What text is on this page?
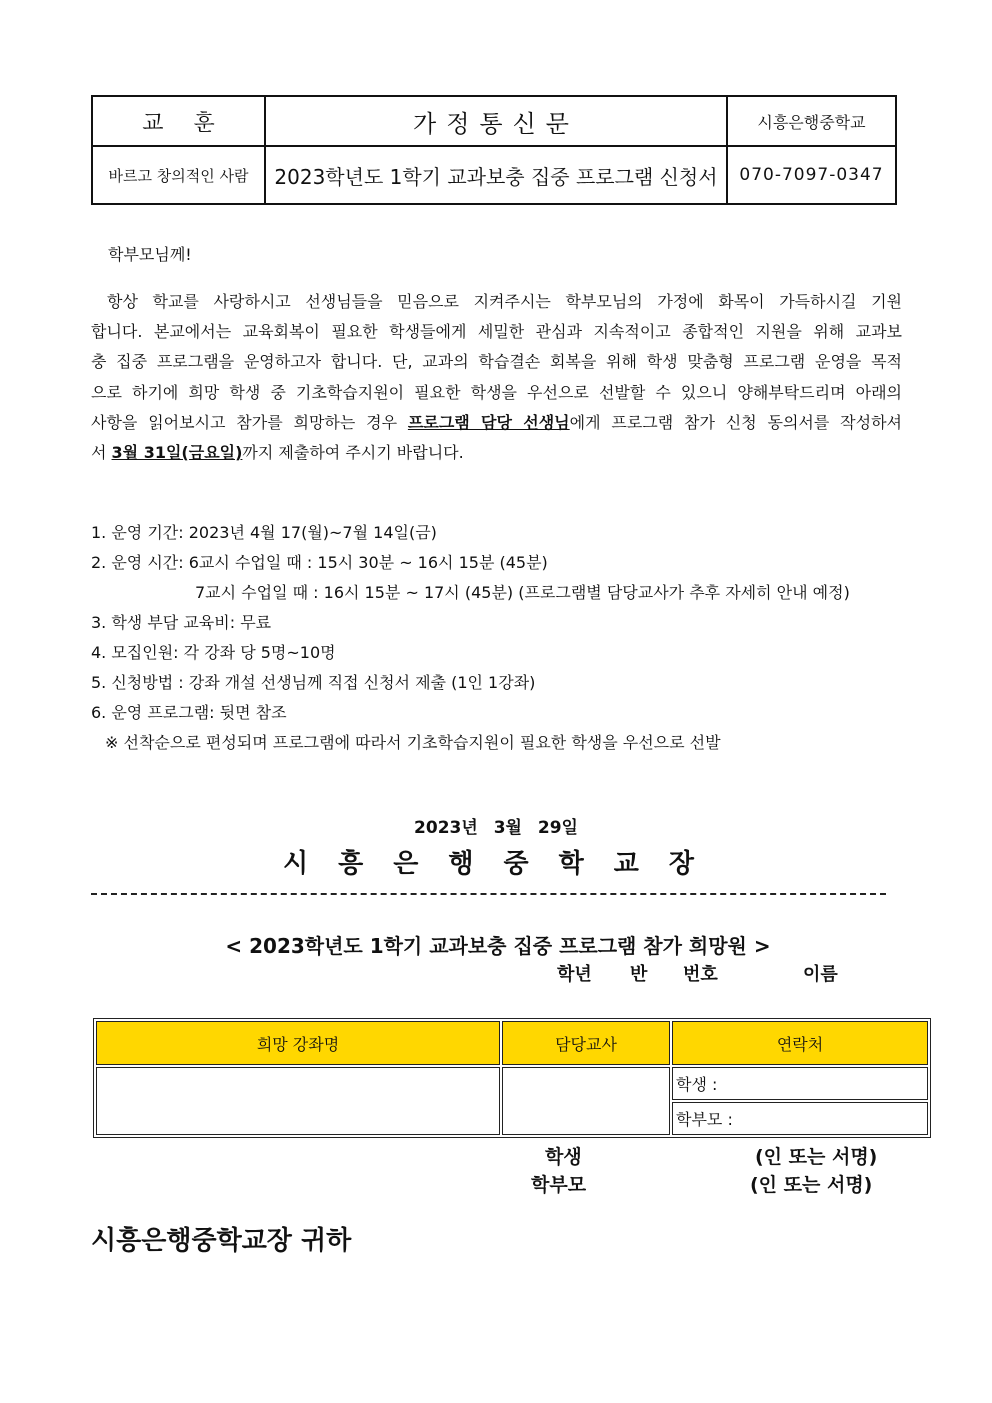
교훈	가정통신문	시흥은행중학교
바르고 창의적인 사람	2023학년도 1학기 교과보충 집중 프로그램 신청서	070-7097-0347
학부모님께!
항상 학교를 사랑하시고 선생님들을 믿음으로 지켜주시는 학부모님의 가정에 화목이 가득하시길 기원
합니다. 본교에서는 교육회복이 필요한 학생들에게 세밀한 관심과 지속적이고 종합적인 지원을 위해 교과보
충 집중 프로그램을 운영하고자 합니다. 단, 교과의 학습결손 회복을 위해 학생 맞춤형 프로그램 운영을 목적
으로 하기에 희망 학생 중 기초학습지원이 필요한 학생을 우선으로 선발할 수 있으니 양해부탁드리며 아래의
사항을 읽어보시고 참가를 희망하는 경우 프로그램 담당 선생님에게 프로그램 참가 신청 동의서를 작성하셔
서 3월 31일(금요일)까지 제출하여 주시기 바랍니다.
1. 운영 기간: 2023년 4월 17(월)~7월 14일(금)
2. 운영 시간: 6교시 수업일 때 : 15시 30분 ~ 16시 15분 (45분)
7교시 수업일 때 : 16시 15분 ~ 17시 (45분) (프로그램별 담당교사가 추후 자세히 안내 예정)
3. 학생 부담 교육비: 무료
4. 모집인원: 각 강좌 당 5명~10명
5. 신청방법 : 강좌 개설 선생님께 직접 신청서 제출 (1인 1강좌)
6. 운영 프로그램: 뒷면 참조
※ 선착순으로 편성되며 프로그램에 따라서 기초학습지원이 필요한 학생을 우선으로 선발
2023년 3월 29일
시흥은행중학교장
< 2023학년도 1학기 교과보충 집중 프로그램 참가 희망원 >
학년 반 번호	이름
희망 강좌명	담당교사	연락처
		학생 :
		학부모 :
학생	(인 또는 서명)
학부모	(인 또는 서명)
시흥은행중학교장 귀하
